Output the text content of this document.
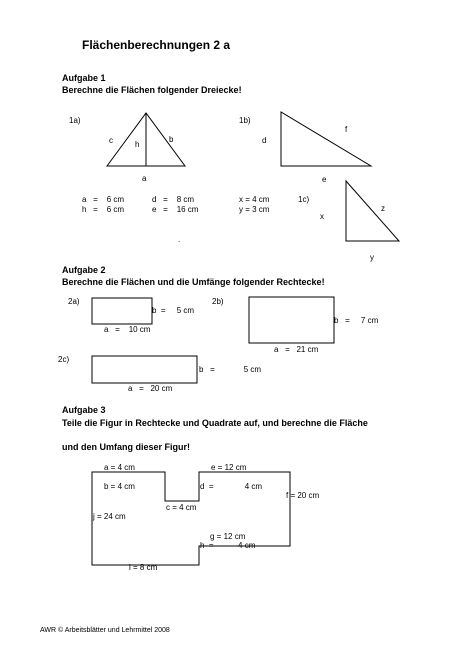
Flächenberechnungen 2 a
Aufgabe 1
Berechne die Flächen folgender Dreiecke!
1a)
c	h
b
a
1b)
d
f
e
a = 6 cm	d = 8 cm
h = 6 cm	e = 16 cm
x = 4 cm
y = 3 cm
1c)
x
z
y
.
Aufgabe 2
Berechne die Flächen und die Umfänge folgender Rechtecke!
2a)
b = 5 cm
a = 10 cm
2b)
b = 7 cm
a = 21 cm
2c)
b =	5 cm
a = 20 cm
Aufgabe 3
Teile die Figur in Rechtecke und Quadrate auf, und berechne die Fläche
und den Umfang dieser Figur!
a = 4 cm
b = 4 cm
c = 4 cm
d =	4 cm
e = 12 cm
f = 20 cm
g = 12 cm
h =	4 cm
i = 8 cm
j = 24 cm
AWR © Arbeitsblätter und Lehrmittel 2008
